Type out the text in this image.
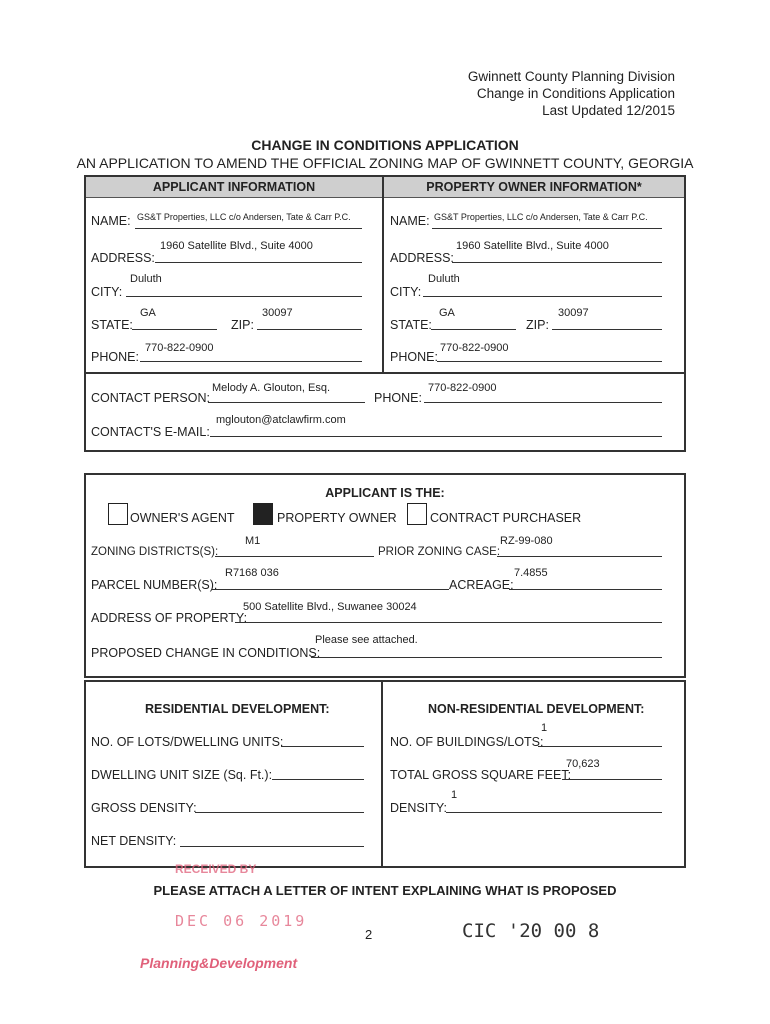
Gwinnett County Planning Division
Change in Conditions Application
Last Updated 12/2015
CHANGE IN CONDITIONS APPLICATION
AN APPLICATION TO AMEND THE OFFICIAL ZONING MAP OF GWINNETT COUNTY, GEORGIA
APPLICANT INFORMATION	PROPERTY OWNER INFORMATION*
NAME: GS&T Properties, LLC c/o Andersen, Tate & Carr P.C.
ADDRESS:
1960 Satellite Blvd., Suite 4000
CITY:
Duluth
STATE:
GA
ZIP:
30097
PHONE:
770-822-0900
NAME: GS&T Properties, LLC c/o Andersen, Tate & Carr P.C.
ADDRESS:
1960 Satellite Blvd., Suite 4000
CITY:
Duluth
STATE:
GA
ZIP:
30097
PHONE:
770-822-0900
CONTACT PERSON:
Melody A. Glouton, Esq.
PHONE:
770-822-0900
CONTACT'S E-MAIL:
mglouton@atclawfirm.com
APPLICANT IS THE:
OWNER'S AGENT	PROPERTY OWNER	CONTRACT PURCHASER
ZONING DISTRICTS(S):
M1
PRIOR ZONING CASE:
RZ-99-080
PARCEL NUMBER(S):
R7168 036
ACREAGE:
7.4855
ADDRESS OF PROPERTY:
500 Satellite Blvd., Suwanee 30024
PROPOSED CHANGE IN CONDITIONS:
Please see attached.
RESIDENTIAL DEVELOPMENT:	NON-RESIDENTIAL DEVELOPMENT:
NO. OF LOTS/DWELLING UNITS:
DWELLING UNIT SIZE (Sq. Ft.):
GROSS DENSITY:
NET DENSITY:
NO. OF BUILDINGS/LOTS:
1
TOTAL GROSS SQUARE FEET:
70,623
DENSITY:
1
RECEIVED BY
PLEASE ATTACH A LETTER OF INTENT EXPLAINING WHAT IS PROPOSED
DEC 06 2019
2	CIC '20 00 8
Planning&Development
